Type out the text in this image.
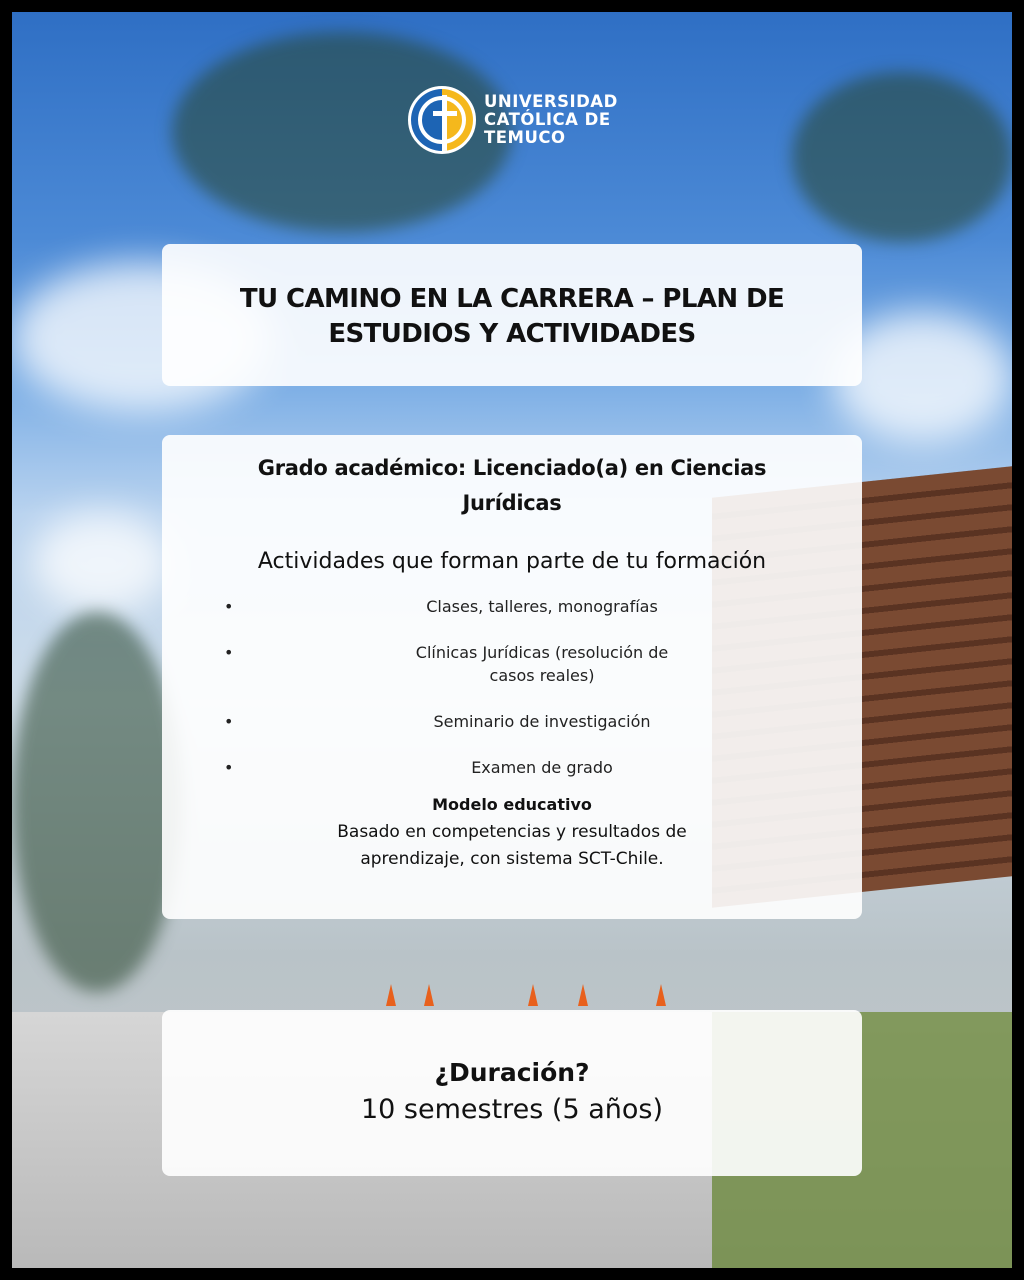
UNIVERSIDAD
CATÓLICA DE
TEMUCO
TU CAMINO EN LA CARRERA – PLAN DE ESTUDIOS Y ACTIVIDADES
Grado académico: Licenciado(a) en Ciencias Jurídicas
Actividades que forman parte de tu formación
• Clases, talleres, monografías
• Clínicas Jurídicas (resolución de casos reales)
• Seminario de investigación
• Examen de grado
Modelo educativo
Basado en competencias y resultados de aprendizaje, con sistema SCT-Chile.
¿Duración?
10 semestres (5 años)
